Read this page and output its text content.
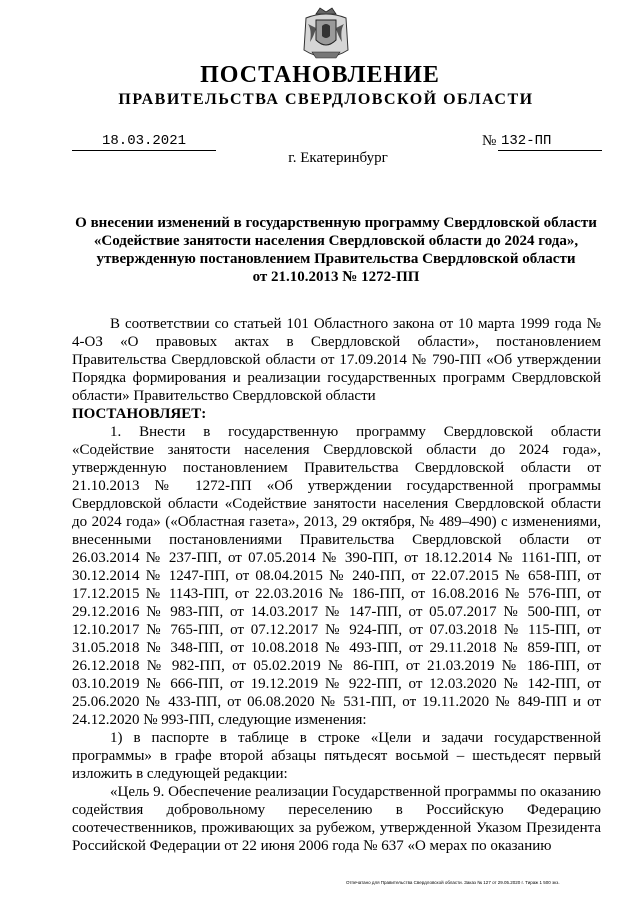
ПОСТАНОВЛЕНИЕ
ПРАВИТЕЛЬСТВА СВЕРДЛОВСКОЙ ОБЛАСТИ
18.03.2021	№ 132-ПП
г. Екатеринбург
О внесении изменений в государственную программу Свердловской области
«Содействие занятости населения Свердловской области до 2024 года»,
утвержденную постановлением Правительства Свердловской области
от 21.10.2013 № 1272-ПП

В соответствии со статьей 101 Областного закона от 10 марта 1999 года № 4-ОЗ «О правовых актах в Свердловской области», постановлением Правительства Свердловской области от 17.09.2014 № 790-ПП «Об утверждении Порядка формирования и реализации государственных программ Свердловской области» Правительство Свердловской области

ПОСТАНОВЛЯЕТ:

1. Внести в государственную программу Свердловской области «Содействие занятости населения Свердловской области до 2024 года», утвержденную постановлением Правительства Свердловской области от 21.10.2013 № 1272-ПП «Об утверждении государственной программы Свердловской области «Содействие занятости населения Свердловской области до 2024 года» («Областная газета», 2013, 29 октября, № 489–490) с изменениями, внесенными постановлениями Правительства Свердловской области от 26.03.2014 № 237-ПП, от 07.05.2014 № 390-ПП, от 18.12.2014 № 1161-ПП, от 30.12.2014 № 1247-ПП, от 08.04.2015 № 240-ПП, от 22.07.2015 № 658-ПП, от 17.12.2015 № 1143-ПП, от 22.03.2016 № 186-ПП, от 16.08.2016 № 576-ПП, от 29.12.2016 № 983-ПП, от 14.03.2017 № 147-ПП, от 05.07.2017 № 500-ПП, от 12.10.2017 № 765-ПП, от 07.12.2017 № 924-ПП, от 07.03.2018 № 115-ПП, от 31.05.2018 № 348-ПП, от 10.08.2018 № 493-ПП, от 29.11.2018 № 859-ПП, от 26.12.2018 № 982-ПП, от 05.02.2019 № 86-ПП, от 21.03.2019 № 186-ПП, от 03.10.2019 № 666-ПП, от 19.12.2019 № 922-ПП, от 12.03.2020 № 142-ПП, от 25.06.2020 № 433-ПП, от 06.08.2020 № 531-ПП, от 19.11.2020 № 849-ПП и от 24.12.2020 № 993-ПП, следующие изменения:

1) в паспорте в таблице в строке «Цели и задачи государственной программы» в графе второй абзацы пятьдесят восьмой – шестьдесят первый изложить в следующей редакции:

«Цель 9. Обеспечение реализации Государственной программы по оказанию содействия добровольному переселению в Российскую Федерацию соотечественников, проживающих за рубежом, утвержденной Указом Президента Российской Федерации от 22 июня 2006 года № 637 «О мерах по оказанию

Отпечатано для Правительства Свердловской области. Заказ № 127 от 29.05.2020 г. Тираж 1 500 экз.
